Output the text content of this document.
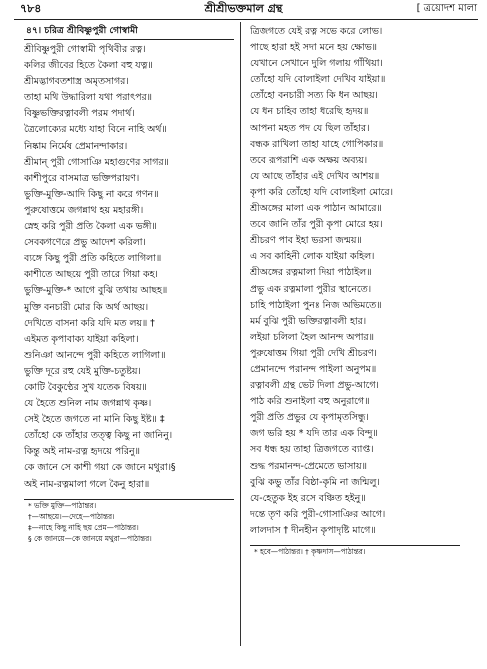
শ্রীশ্রীভক্তমাল গ্রন্থ
৭৮৪	[ ত্রয়োদশ মালা
৪৭। চরিত্র শ্রীবিষ্ণুপুরী গোস্বামী
শ্রীবিষ্ণুপুরী গোস্বামী পৃথিবীর রত্ন।
কলির জীবের হিতে কৈলা বহু যত্ন॥
শ্রীমদ্ভাগবতশাস্ত্র অমৃতসাগর।
তাহা মথি উদ্ধারিলা যথা পরাৎপর॥
বিষ্ণুভক্তিরত্নাবলী পরম পদার্থ।
ত্রৈলোক্যের মধ্যে যাহা বিনে নাহি অর্থ॥
নিষ্কাম নির্মেষ প্রেমানন্দাকার।
শ্রীমান্‌ পুরী গোসাঞি মহাগুণের সাগর॥
কাশীপুরে বাসমাত্র ভক্তিপরায়ণ।
ভুক্তি-মুক্তি-আদি কিছু না করে গণন॥
পুরুষোত্তমে জগন্নাথ হয় মহারঙ্গী।
স্নেহ করি পুরী প্রতি কৈলা এক ভঙ্গী॥
সেবকগণেরে প্রভু আদেশ করিলা।
ব্যঙ্গে কিছু পুরী প্রতি কহিতে লাগিলা॥
কাশীতে আছয়ে পুরী তারে গিয়া কহ।
ভুক্তি-মুক্তি-* আগে বুঝি তথায় আছহ॥
মুক্তি বনচারী মোর কি অর্থ আছয়।
দেখিতে বাসনা করি যদি মত লয়॥ †
এইমত কৃপাবাক্য যাইয়া কহিলা।
শুনিঞা আনন্দে পুরী কহিতে লাগিলা॥
ভুক্তি দূরে রহু যেই মুক্তি-চতুষ্টয়।
কোটি বৈকুণ্ঠের সুখ যতেক বিষয়॥
যে হৈতে শুনিল নাম জগন্নাথ কৃষ্ণ।
সেই হৈতে জগতে না মানি কিছু ইষ্ট॥ ‡
তোঁহো কে তাঁহার তত্ত্ব কিছু না জানিনু।
কিন্তু অই নাম-রত্ন হৃদয়ে পরিনু॥
কে জানে সে কাশী গয়া কে জানে মথুরা।§
অই নাম-রত্নমালা গলে কৈনু হারা॥
* ভক্তি মুক্তি—পাঠান্তর।
†—আছয়ে।—দেহে—পাঠান্তর।
‡—নাহে কিছু নাহি ছয় প্রেম—পাঠান্তর।
§ কে জানয়ে—কে জানয়ে মথুরা—পাঠান্তর।
ত্রিজগতে যেই রত্ন সভে করে লোভ।
পাছে হারা হই সদা মনে হয় ক্ষোভ॥
যেখানে সেখানে দুলি গলায় গাঁথিয়া।
তোঁহো যদি বোলাইলা দেখিব যাইয়া॥
তোঁহো বনচারী সত্য কি ধন আছয়।
যে ধন চাহিব তাহা ধরেছি হৃদয়॥
আপনা মহত পদ যে ছিল তাঁহার।
বন্ধক রাখিলা তাহা যাহে গোপিকার॥
তবে রূপরাশি এক অক্ষয় অব্যয়।
যে আছে তাঁহার এই দেখিব আশয়॥
কৃপা করি তোঁহো যদি বোলাইলা মোরে।
শ্রীঅঙ্গের মালা এক পাঠান আমারে॥
তবে জানি তাঁর পুরী কৃপা মোরে হয়।
শ্রীচরণ পাব ইহা ভরসা জন্ময়॥
এ সব কাহিনী লোক যাইয়া কহিল।
শ্রীঅঙ্গের রত্নমালা দিয়া পাঠাইল॥
প্রভু এক রত্নমালা পুরীর স্থানেতে।
চাহি পাঠাইলা পুনঃ নিজ অভিমতে॥
মর্ম বুঝি পুরী ভক্তিরত্নাবলী হার।
লইয়া চলিলা হৈল আনন্দ অপার॥
পুরুষোত্তম গিয়া পুরী দেখি শ্রীচরণ।
প্রেমানন্দে পরানন্দ পাইলা অনুপম॥
রত্নাবলী গ্রন্থ ভেট দিলা প্রভু-আগে।
পাঠ করি শুনাইলা বহু অনুরাগে॥
পুরী প্রতি প্রভুর যে কৃপামৃতসিন্ধু।
জগ ভরি হয় * যদি তার এক বিন্দু॥
সব ধন্ধ হয় তাহা ত্রিজগতে ব্যাপ্ত।
শুদ্ধ পরমানন্দ-প্রেমেতে ভাসায়॥
বুঝি কভু তাঁর বিষ্ঠা-কৃমি না জন্মিলু।
যে-হেতুক ইহ রসে বঞ্চিত হইনু॥
দন্তে তৃণ করি পুরী-গোসাঞির আগে।
লালদাস † দীনহীন কৃপাদৃষ্টি মাগে॥
* হবে—পাঠান্তর। † কৃষ্ণদাস—পাঠান্তর।
